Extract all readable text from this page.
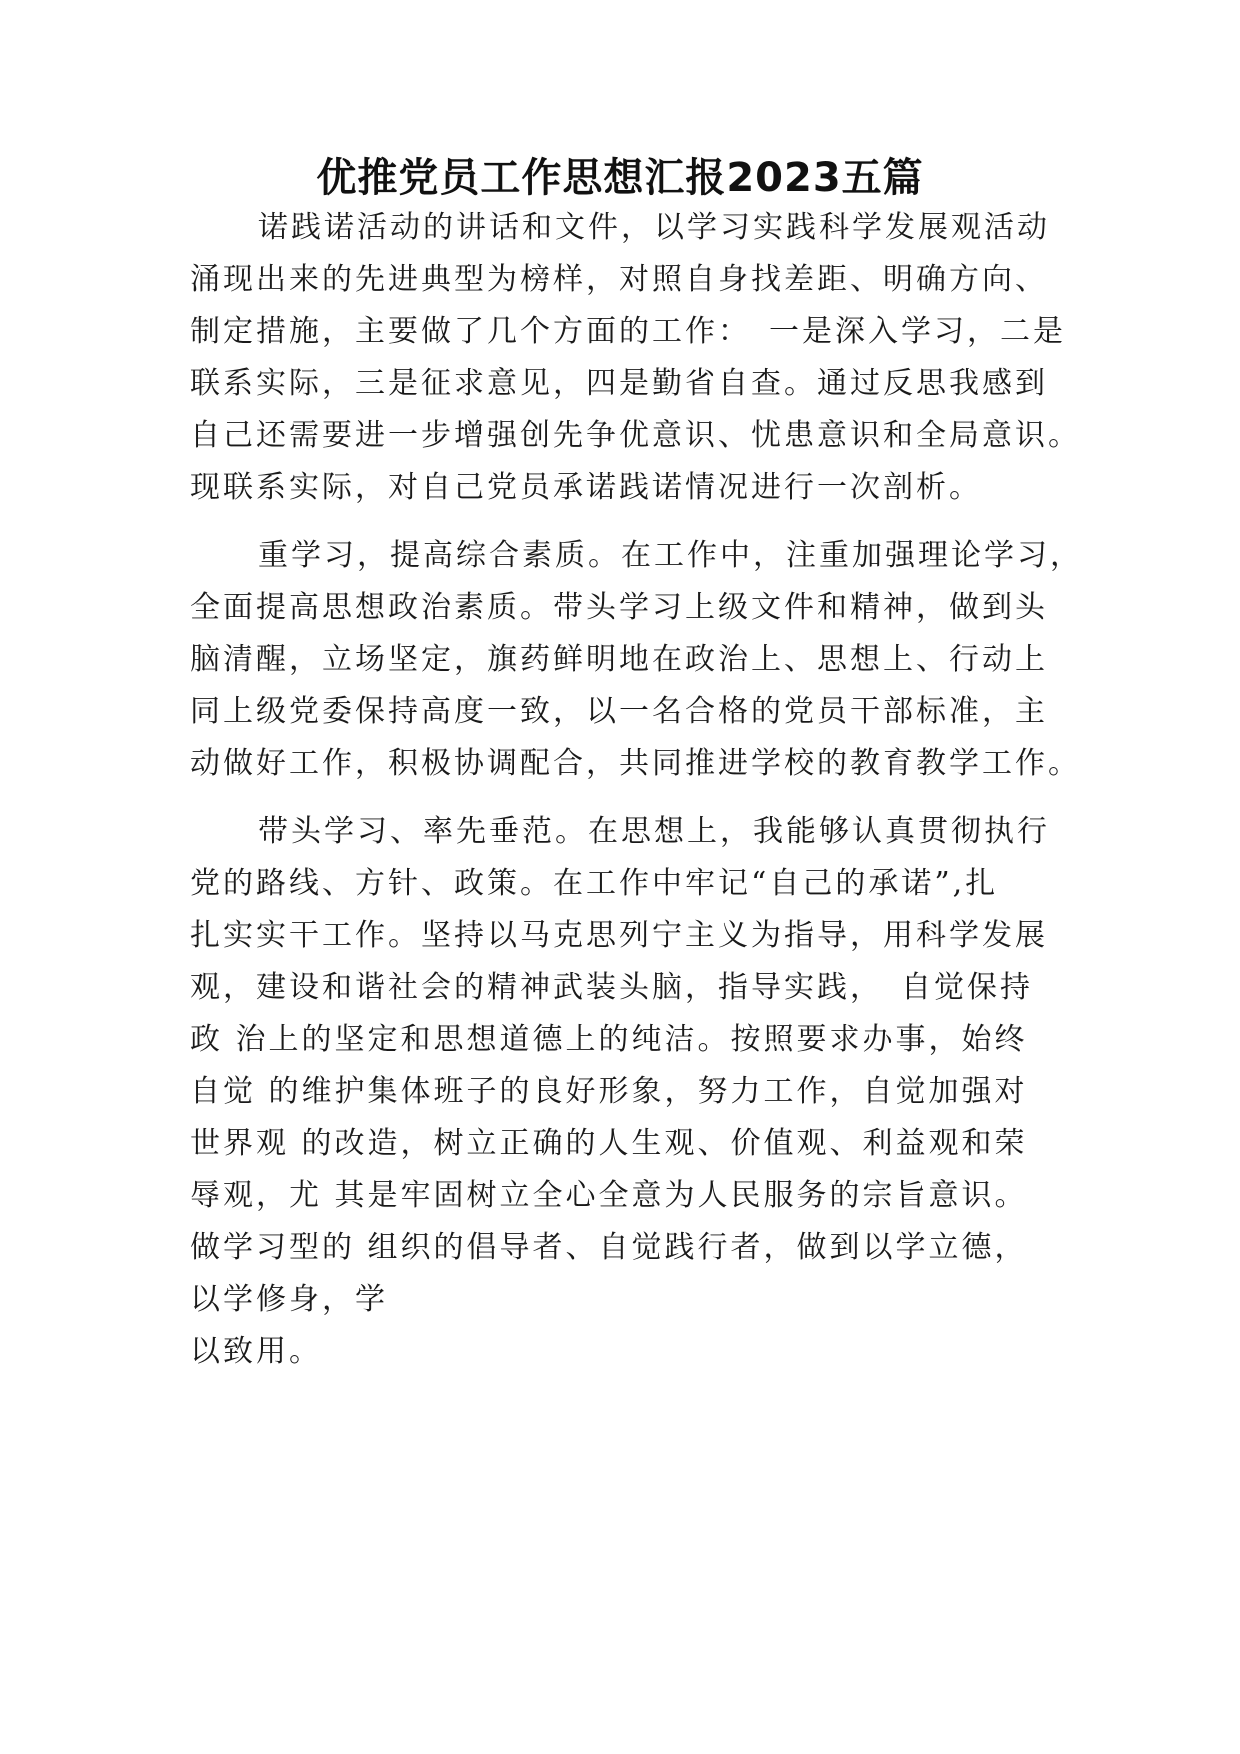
优推党员工作思想汇报2023五篇
诺践诺活动的讲话和文件，以学习实践科学发展观活动
涌现出来的先进典型为榜样，对照自身找差距、明确方向、
制定措施，主要做了几个方面的工作：　一是深入学习，二是
联系实际，三是征求意见，四是勤省自查。通过反思我感到
自己还需要进一步增强创先争优意识、忧患意识和全局意识。
现联系实际，对自己党员承诺践诺情况进行一次剖析。
重学习，提高综合素质。在工作中，注重加强理论学习，
全面提高思想政治素质。带头学习上级文件和精神，做到头
脑清醒，立场坚定，旗药鲜明地在政治上、思想上、行动上
同上级党委保持高度一致，以一名合格的党员干部标准，主
动做好工作，积极协调配合，共同推进学校的教育教学工作。
带头学习、率先垂范。在思想上，我能够认真贯彻执行
党的路线、方针、政策。在工作中牢记“自己的承诺”,扎
扎实实干工作。坚持以马克思列宁主义为指导，用科学发展
观，建设和谐社会的精神武装头脑，指导实践，　自觉保持
政 治上的坚定和思想道德上的纯洁。按照要求办事，始终
自觉 的维护集体班子的良好形象，努力工作，自觉加强对
世界观 的改造，树立正确的人生观、价值观、利益观和荣
辱观，尤 其是牢固树立全心全意为人民服务的宗旨意识。
做学习型的 组织的倡导者、自觉践行者，做到以学立德，
以学修身，学
以致用。
